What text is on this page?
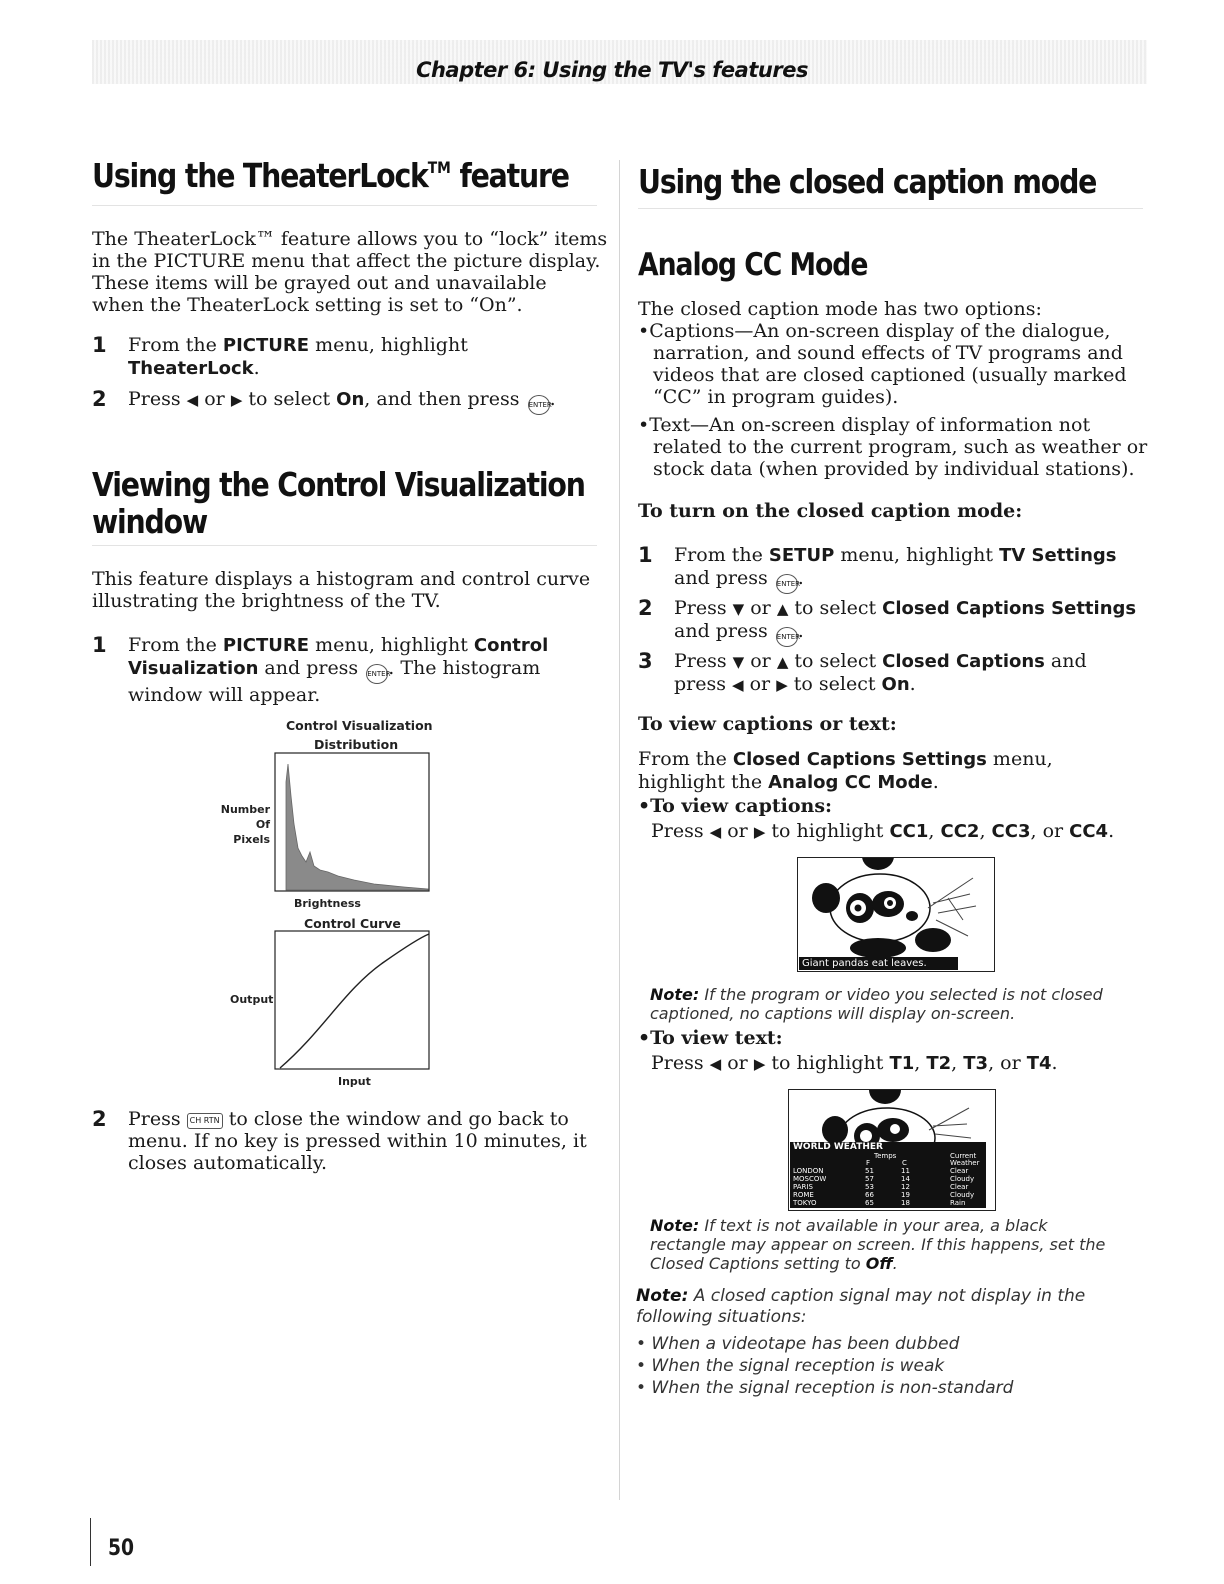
Chapter 6: Using the TV's features
Using the TheaterLock™ feature
The TheaterLock™ feature allows you to “lock” items
in the PICTURE menu that affect the picture display.
These items will be grayed out and unavailable
when the TheaterLock setting is set to “On”.
1 From the PICTURE menu, highlight
TheaterLock.
2 Press ◀ or ▶ to select On, and then press ENTER.
Viewing the Control Visualization
window
This feature displays a histogram and control curve
illustrating the brightness of the TV.
1 From the PICTURE menu, highlight Control
Visualization and press ENTER. The histogram
window will appear.
Control Visualization
Distribution
Number
Of
Pixels
Brightness
Control Curve
Output
Input
2 Press CH RTN to close the window and go back to
menu. If no key is pressed within 10 minutes, it
closes automatically.
Using the closed caption mode
Analog CC Mode
The closed caption mode has two options:
•Captions—An on-screen display of the dialogue,
narration, and sound effects of TV programs and
videos that are closed captioned (usually marked
“CC” in program guides).
•Text—An on-screen display of information not
related to the current program, such as weather or
stock data (when provided by individual stations).
To turn on the closed caption mode:
1 From the SETUP menu, highlight TV Settings
and press ENTER.
2 Press ▼ or ▲ to select Closed Captions Settings
and press ENTER.
3 Press ▼ or ▲ to select Closed Captions and
press ◀ or ▶ to select On.
To view captions or text:
From the Closed Captions Settings menu,
highlight the Analog CC Mode.
•To view captions:
Press ◀ or ▶ to highlight CC1, CC2, CC3, or CC4.
Giant pandas eat leaves.
Note: If the program or video you selected is not closed
captioned, no captions will display on-screen.
•To view text:
Press ◀ or ▶ to highlight T1, T2, T3, or T4.
WORLD WEATHER
Temps
F	C
Current
Weather
LONDON	51	11	Clear
MOSCOW	57	14	Cloudy
PARIS	53	12	Clear
ROME	66	19	Cloudy
TOKYO	65	18	Rain
Note: If text is not available in your area, a black
rectangle may appear on screen. If this happens, set the
Closed Captions setting to Off.
Note: A closed caption signal may not display in the
following situations:
• When a videotape has been dubbed
• When the signal reception is weak
• When the signal reception is non-standard
50
